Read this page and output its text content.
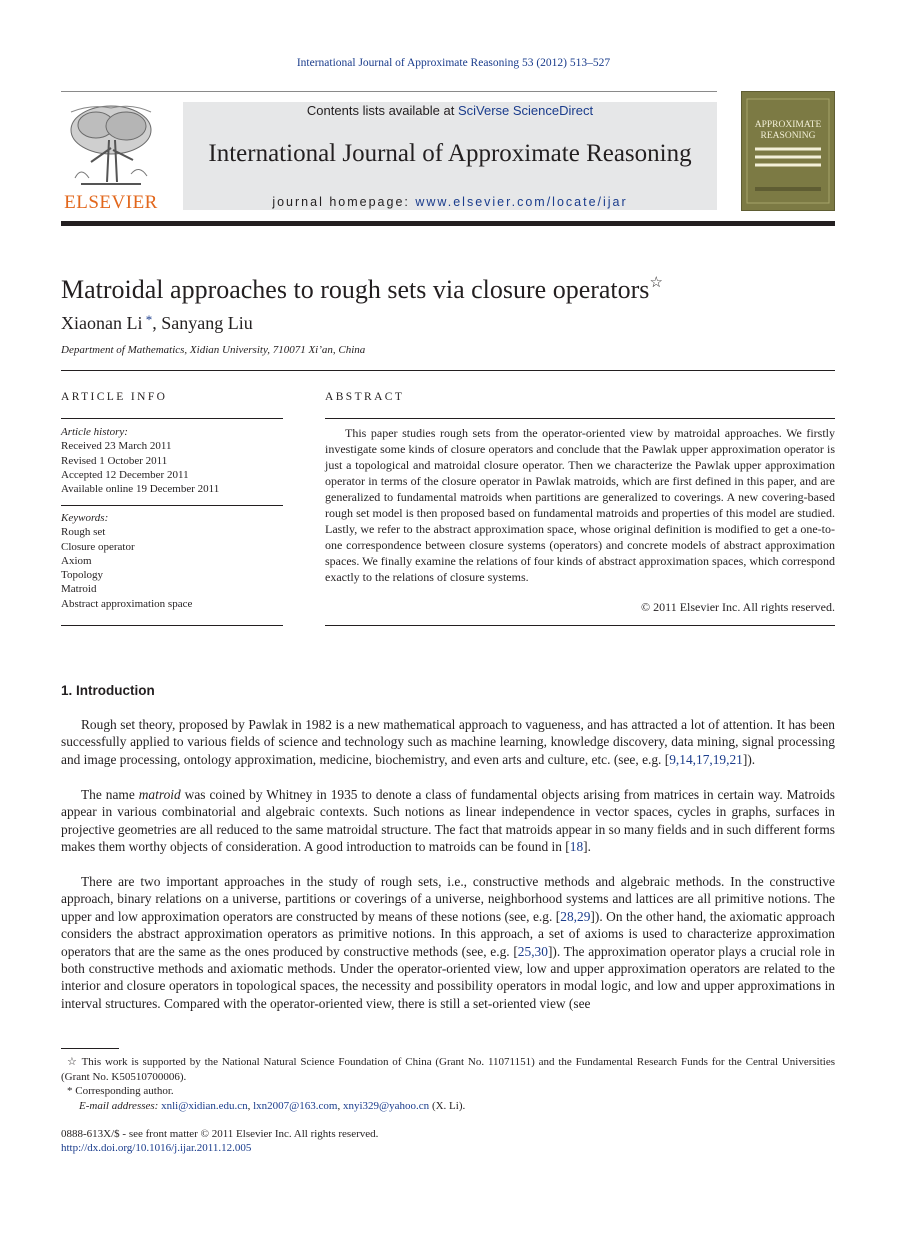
International Journal of Approximate Reasoning 53 (2012) 513–527
ELSEVIER
Contents lists available at SciVerse ScienceDirect
International Journal of Approximate Reasoning
journal homepage: www.elsevier.com/locate/ijar
APPROXIMATE
REASONING
Matroidal approaches to rough sets via closure operators☆
Xiaonan Li *, Sanyang Liu
Department of Mathematics, Xidian University, 710071 Xi’an, China
ARTICLE INFO	ABSTRACT
Article history:
Received 23 March 2011
Revised 1 October 2011
Accepted 12 December 2011
Available online 19 December 2011
Keywords:
Rough set
Closure operator
Axiom
Topology
Matroid
Abstract approximation space

This paper studies rough sets from the operator-oriented view by matroidal approaches. We firstly investigate some kinds of closure operators and conclude that the Pawlak upper approximation operator is just a topological and matroidal closure operator. Then we characterize the Pawlak upper approximation operator in terms of the closure operator in Pawlak matroids, which are first defined in this paper, and are generalized to fundamental matroids when partitions are generalized to coverings. A new covering-based rough set model is then proposed based on fundamental matroids and properties of this model are studied. Lastly, we refer to the abstract approximation space, whose original definition is modified to get a one-to-one correspondence between closure systems (operators) and concrete models of abstract approximation spaces. We finally examine the relations of four kinds of abstract approximation spaces, which correspond exactly to the relations of closure systems.

© 2011 Elsevier Inc. All rights reserved.
1. Introduction

Rough set theory, proposed by Pawlak in 1982 is a new mathematical approach to vagueness, and has attracted a lot of attention. It has been successfully applied to various fields of science and technology such as machine learning, knowledge discovery, data mining, signal processing and image processing, ontology approximation, medicine, biochemistry, and even arts and culture, etc. (see, e.g. [9,14,17,19,21]).

The name matroid was coined by Whitney in 1935 to denote a class of fundamental objects arising from matrices in certain way. Matroids appear in various combinatorial and algebraic contexts. Such notions as linear independence in vector spaces, cycles in graphs, surfaces in projective geometries are all reduced to the same matroidal structure. The fact that matroids appear in so many fields and in such different forms makes them worthy objects of consideration. A good introduction to matroids can be found in [18].

There are two important approaches in the study of rough sets, i.e., constructive methods and algebraic methods. In the constructive approach, binary relations on a universe, partitions or coverings of a universe, neighborhood systems and lattices are all primitive notions. The upper and low approximation operators are constructed by means of these notions (see, e.g. [28,29]). On the other hand, the axiomatic approach considers the abstract approximation operators as primitive notions. In this approach, a set of axioms is used to characterize approximation operators that are the same as the ones produced by constructive methods (see, e.g. [25,30]). The approximation operator plays a crucial role in both constructive methods and axiomatic methods. Under the operator-oriented view, low and upper approximation operators are related to the interior and closure operators in topological spaces, the necessity and possibility operators in modal logic, and low and upper approximations in interval structures. Compared with the operator-oriented view, there is still a set-oriented view (see

☆ This work is supported by the National Natural Science Foundation of China (Grant No. 11071151) and the Fundamental Research Funds for the Central Universities (Grant No. K50510700006).
* Corresponding author.
E-mail addresses: xnli@xidian.edu.cn, lxn2007@163.com, xnyi329@yahoo.cn (X. Li).
0888-613X/$ - see front matter © 2011 Elsevier Inc. All rights reserved.
http://dx.doi.org/10.1016/j.ijar.2011.12.005
